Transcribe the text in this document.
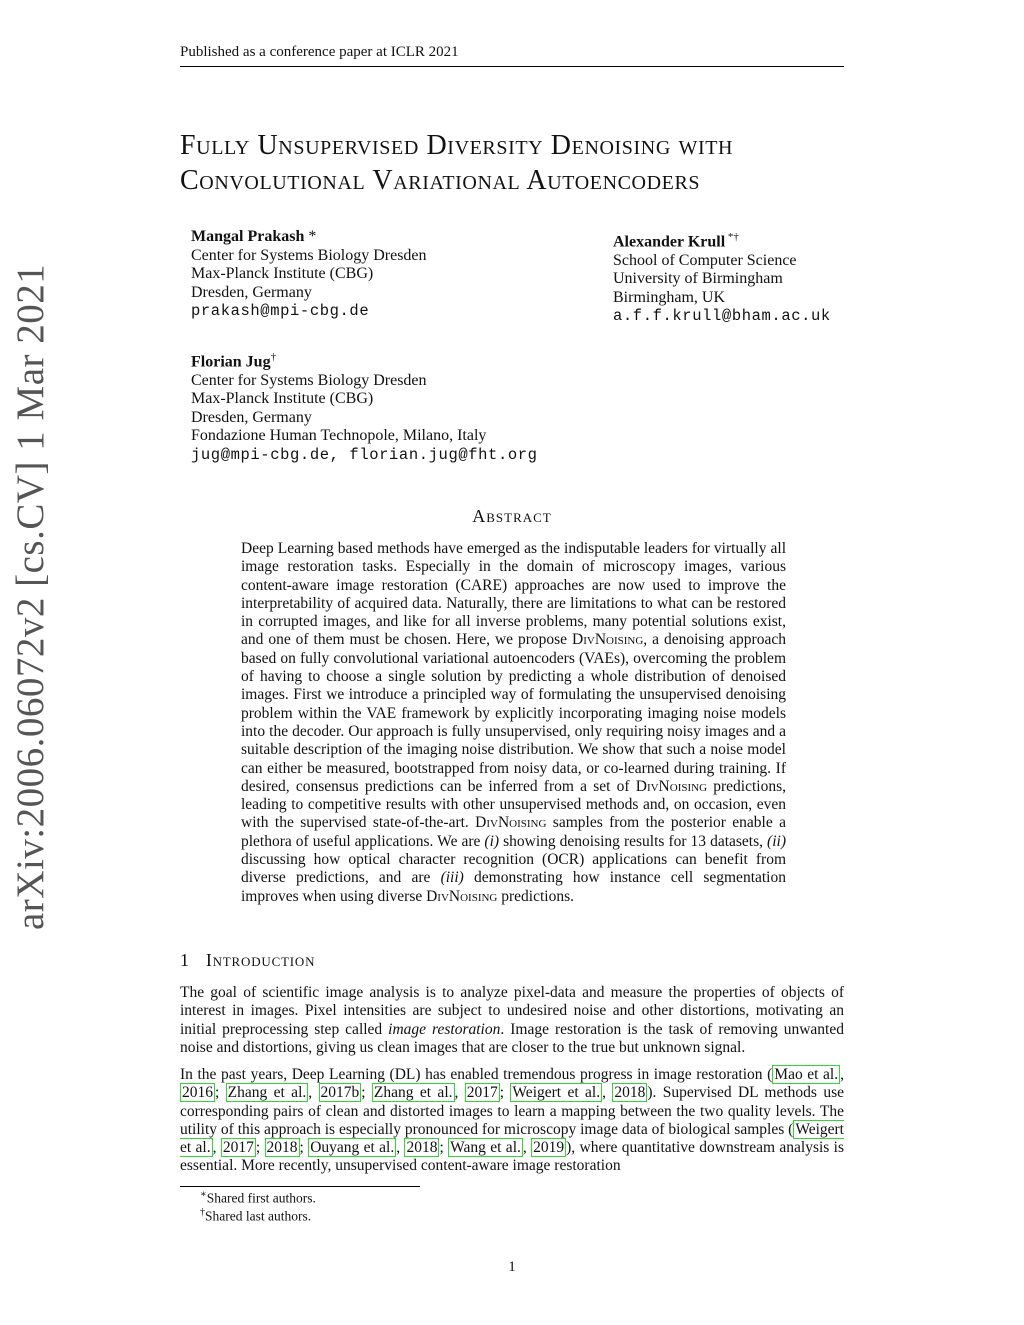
Published as a conference paper at ICLR 2021
arXiv:2006.06072v2 [cs.CV] 1 Mar 2021
Fully Unsupervised Diversity Denoising with
Convolutional Variational Autoencoders
Mangal Prakash *
Center for Systems Biology Dresden
Max-Planck Institute (CBG)
Dresden, Germany
prakash@mpi-cbg.de
Alexander Krull *†
School of Computer Science
University of Birmingham
Birmingham, UK
a.f.f.krull@bham.ac.uk
Florian Jug†
Center for Systems Biology Dresden
Max-Planck Institute (CBG)
Dresden, Germany
Fondazione Human Technopole, Milano, Italy
jug@mpi-cbg.de, florian.jug@fht.org
Abstract
Deep Learning based methods have emerged as the indisputable leaders for virtually all image restoration tasks. Especially in the domain of microscopy images, various content-aware image restoration (CARE) approaches are now used to improve the interpretability of acquired data. Naturally, there are limitations to what can be restored in corrupted images, and like for all inverse problems, many potential solutions exist, and one of them must be chosen. Here, we propose DivNoising, a denoising approach based on fully convolutional variational autoencoders (VAEs), overcoming the problem of having to choose a single solution by predicting a whole distribution of denoised images. First we introduce a principled way of formulating the unsupervised denoising problem within the VAE framework by explicitly incorporating imaging noise models into the decoder. Our approach is fully unsupervised, only requiring noisy images and a suitable description of the imaging noise distribution. We show that such a noise model can either be measured, bootstrapped from noisy data, or co-learned during training. If desired, consensus predictions can be inferred from a set of DivNoising predictions, leading to competitive results with other unsupervised methods and, on occasion, even with the supervised state-of-the-art. DivNoising samples from the posterior enable a plethora of useful applications. We are (i) showing denoising results for 13 datasets, (ii) discussing how optical character recognition (OCR) applications can benefit from diverse predictions, and are (iii) demonstrating how instance cell segmentation improves when using diverse DivNoising predictions.
1 Introduction
The goal of scientific image analysis is to analyze pixel-data and measure the properties of objects of interest in images. Pixel intensities are subject to undesired noise and other distortions, motivating an initial preprocessing step called image restoration. Image restoration is the task of removing unwanted noise and distortions, giving us clean images that are closer to the true but unknown signal.
In the past years, Deep Learning (DL) has enabled tremendous progress in image restoration ( Mao et al. , 2016 ; Zhang et al. , 2017b ; Zhang et al. , 2017 ; Weigert et al. , 2018 ). Supervised DL methods use corresponding pairs of clean and distorted images to learn a mapping between the two quality levels. The utility of this approach is especially pronounced for microscopy image data of biological samples ( Weigert et al. , 2017 ; 2018 ; Ouyang et al. , 2018 ; Wang et al. , 2019 ), where quantitative downstream analysis is essential. More recently, unsupervised content-aware image restoration
∗Shared first authors.
†Shared last authors.
1
